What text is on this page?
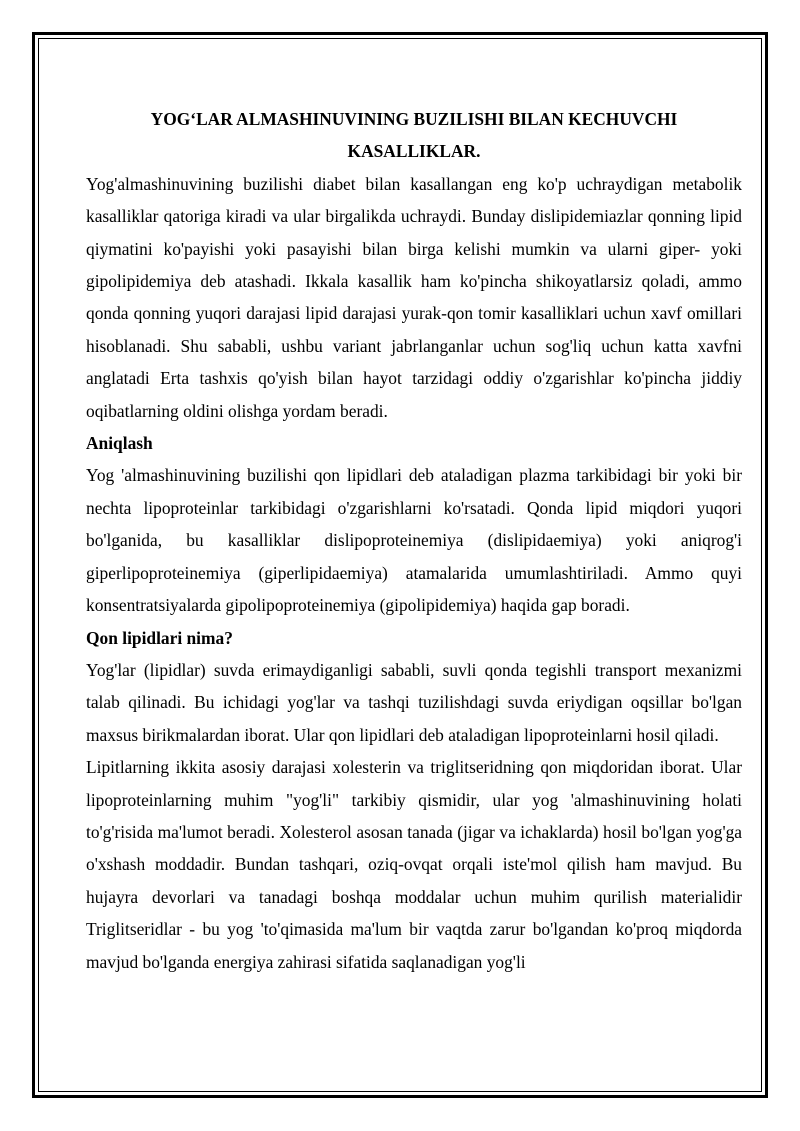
YOG‘LAR ALMASHINUVINING BUZILISHI BILAN KECHUVCHI KASALLIKLAR.

Yog'almashinuvining buzilishi diabet bilan kasallangan eng ko'p uchraydigan metabolik kasalliklar qatoriga kiradi va ular birgalikda uchraydi. Bunday dislipidemiazlar qonning lipid qiymatini ko'payishi yoki pasayishi bilan birga kelishi mumkin va ularni giper- yoki gipolipidemiya deb atashadi. Ikkala kasallik ham ko'pincha shikoyatlarsiz qoladi, ammo qonda qonning yuqori darajasi lipid darajasi yurak-qon tomir kasalliklari uchun xavf omillari hisoblanadi. Shu sababli, ushbu variant jabrlanganlar uchun sog'liq uchun katta xavfni anglatadi Erta tashxis qo'yish bilan hayot tarzidagi oddiy o'zgarishlar ko'pincha jiddiy oqibatlarning oldini olishga yordam beradi.

Aniqlash

Yog 'almashinuvining buzilishi qon lipidlari deb ataladigan plazma tarkibidagi bir yoki bir nechta lipoproteinlar tarkibidagi o'zgarishlarni ko'rsatadi. Qonda lipid miqdori yuqori bo'lganida, bu kasalliklar dislipoproteinemiya (dislipidaemiya) yoki aniqrog'i giperlipoproteinemiya (giperlipidaemiya) atamalarida umumlashtiriladi. Ammo quyi konsentratsiyalarda gipolipoproteinemiya (gipolipidemiya) haqida gap boradi.

Qon lipidlari nima?

Yog'lar (lipidlar) suvda erimaydiganligi sababli, suvli qonda tegishli transport mexanizmi talab qilinadi. Bu ichidagi yog'lar va tashqi tuzilishdagi suvda eriydigan oqsillar bo'lgan maxsus birikmalardan iborat. Ular qon lipidlari deb ataladigan lipoproteinlarni hosil qiladi.

Lipitlarning ikkita asosiy darajasi xolesterin va triglitseridning qon miqdoridan iborat. Ular lipoproteinlarning muhim "yog'li" tarkibiy qismidir, ular yog 'almashinuvining holati to'g'risida ma'lumot beradi. Xolesterol asosan tanada (jigar va ichaklarda) hosil bo'lgan yog'ga o'xshash moddadir. Bundan tashqari, oziq-ovqat orqali iste'mol qilish ham mavjud. Bu hujayra devorlari va tanadagi boshqa moddalar uchun muhim qurilish materialidir Triglitseridlar - bu yog 'to'qimasida ma'lum bir vaqtda zarur bo'lgandan ko'proq miqdorda mavjud bo'lganda energiya zahirasi sifatida saqlanadigan yog'li
